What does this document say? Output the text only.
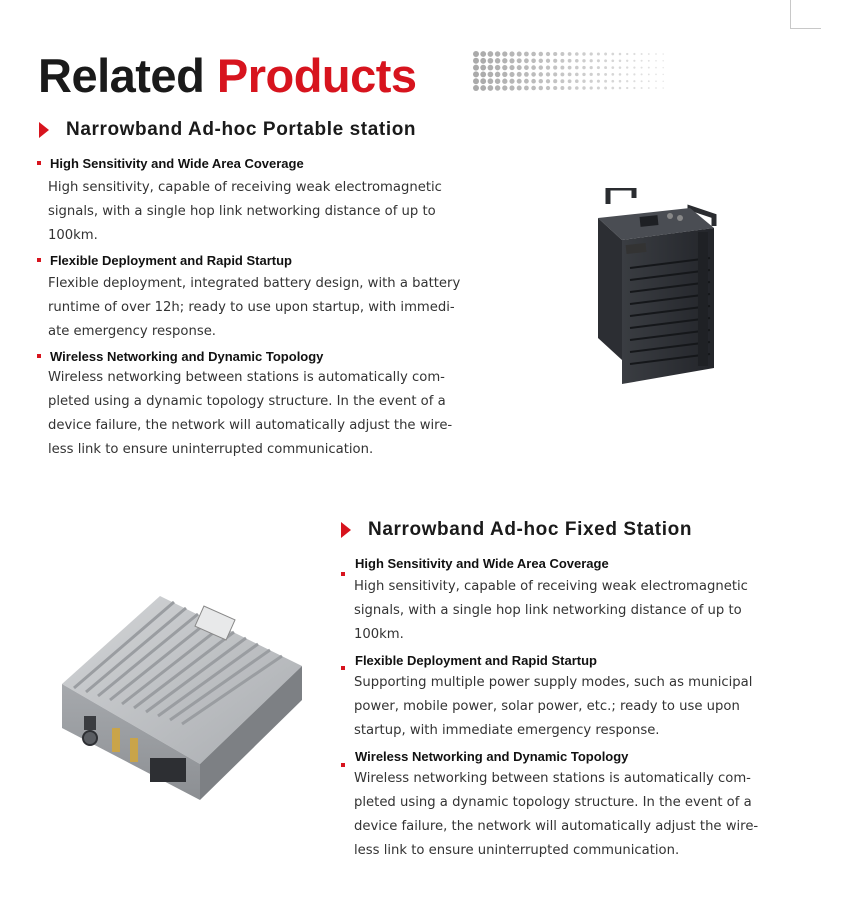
Related Products
Narrowband Ad-hoc Portable station
High Sensitivity and Wide Area Coverage
High sensitivity, capable of receiving weak electromagnetic
signals, with a single hop link networking distance of up to
100km.
Flexible Deployment and Rapid Startup
Flexible deployment, integrated battery design, with a battery
runtime of over 12h; ready to use upon startup, with immedi-
ate emergency response.
Wireless Networking and Dynamic Topology
Wireless networking between stations is automatically com-
pleted using a dynamic topology structure. In the event of a
device failure, the network will automatically adjust the wire-
less link to ensure uninterrupted communication.
Narrowband Ad-hoc Fixed Station
High Sensitivity and Wide Area Coverage
High sensitivity, capable of receiving weak electromagnetic
signals, with a single hop link networking distance of up to
100km.
Flexible Deployment and Rapid Startup
Supporting multiple power supply modes, such as municipal
power, mobile power, solar power, etc.; ready to use upon
startup, with immediate emergency response.
Wireless Networking and Dynamic Topology
Wireless networking between stations is automatically com-
pleted using a dynamic topology structure. In the event of a
device failure, the network will automatically adjust the wire-
less link to ensure uninterrupted communication.
